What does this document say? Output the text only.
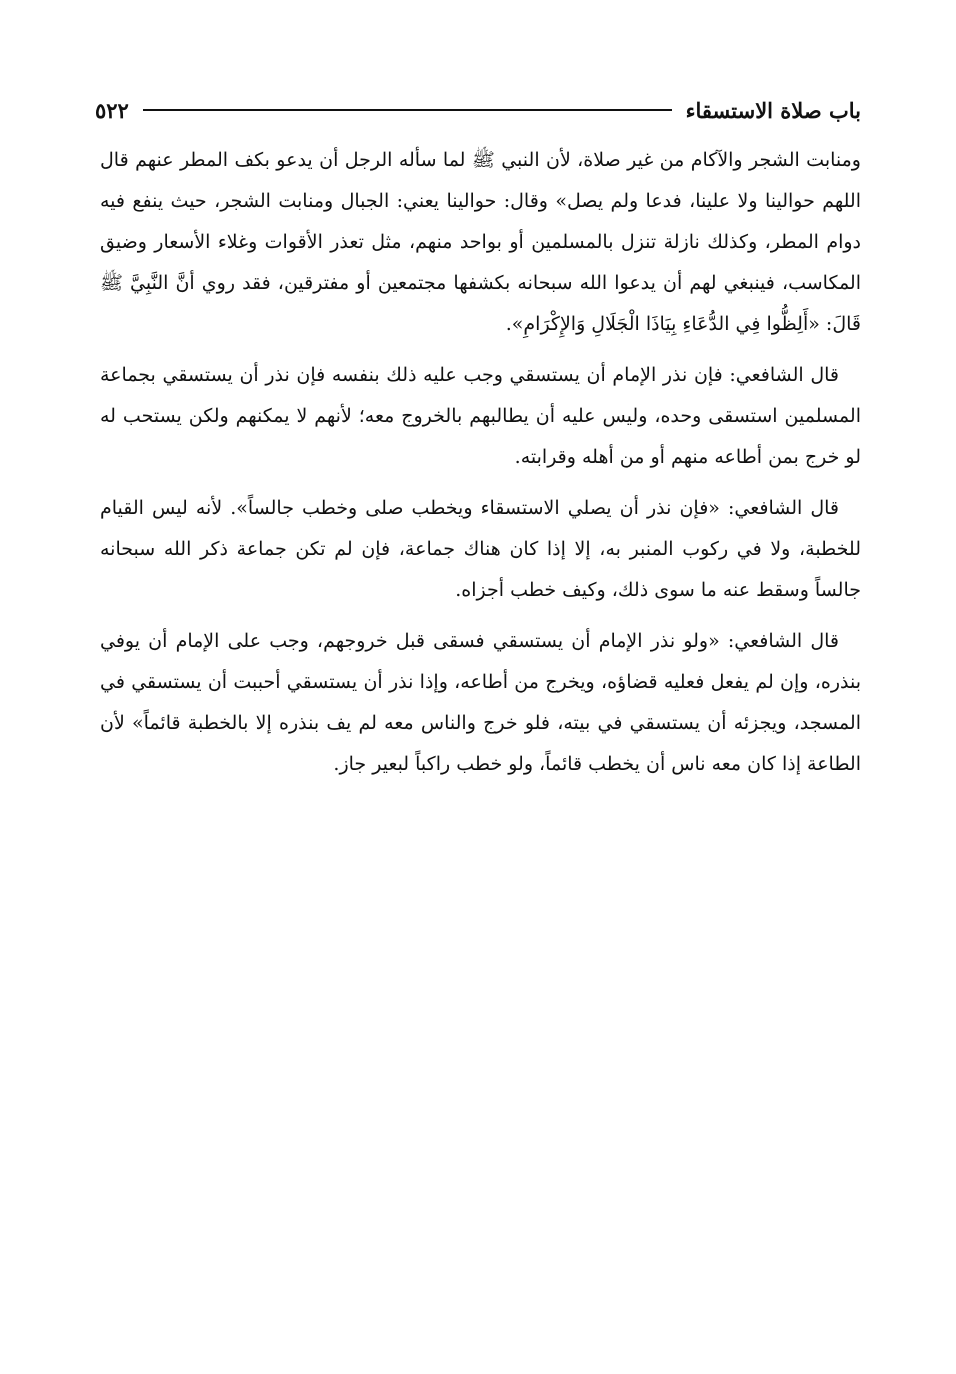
باب صلاة الاستسقاء
٥٢٢

ومنابت الشجر والآكام من غير صلاة، لأن النبي ﷺ لما سأله الرجل أن يدعو بكف المطر عنهم قال اللهم حوالينا ولا علينا، فدعا ولم يصل» وقال: حوالينا يعني: الجبال ومنابت الشجر، حيث ينفع فيه دوام المطر، وكذلك نازلة تنزل بالمسلمين أو بواحد منهم، مثل تعذر الأقوات وغلاء الأسعار وضيق المكاسب، فينبغي لهم أن يدعوا الله سبحانه بكشفها مجتمعين أو مفترقين، فقد روي أنَّ النَّبِيَّ ﷺ قَالَ: «أَلِظُّوا فِي الدُّعَاءِ بِيَاذَا الْجَلَالِ وَالإِكْرَامِ».

قال الشافعي: فإن نذر الإمام أن يستسقي وجب عليه ذلك بنفسه فإن نذر أن يستسقي بجماعة المسلمين استسقى وحده، وليس عليه أن يطالبهم بالخروج معه؛ لأنهم لا يمكنهم ولكن يستحب له لو خرج بمن أطاعه منهم أو من أهله وقرابته.

قال الشافعي: «فإن نذر أن يصلي الاستسقاء ويخطب صلى وخطب جالساً». لأنه ليس القيام للخطبة، ولا في ركوب المنبر به، إلا إذا كان هناك جماعة، فإن لم تكن جماعة ذكر الله سبحانه جالساً وسقط عنه ما سوى ذلك، وكيف خطب أجزاه.

قال الشافعي: «ولو نذر الإمام أن يستسقي فسقى قبل خروجهم، وجب على الإمام أن يوفي بنذره، وإن لم يفعل فعليه قضاؤه، ويخرج من أطاعه، وإذا نذر أن يستسقي أحببت أن يستسقي في المسجد، ويجزئه أن يستسقي في بيته، فلو خرج والناس معه لم يف بنذره إلا بالخطبة قائماً» لأن الطاعة إذا كان معه ناس أن يخطب قائماً، ولو خطب راكباً لبعير جاز.
